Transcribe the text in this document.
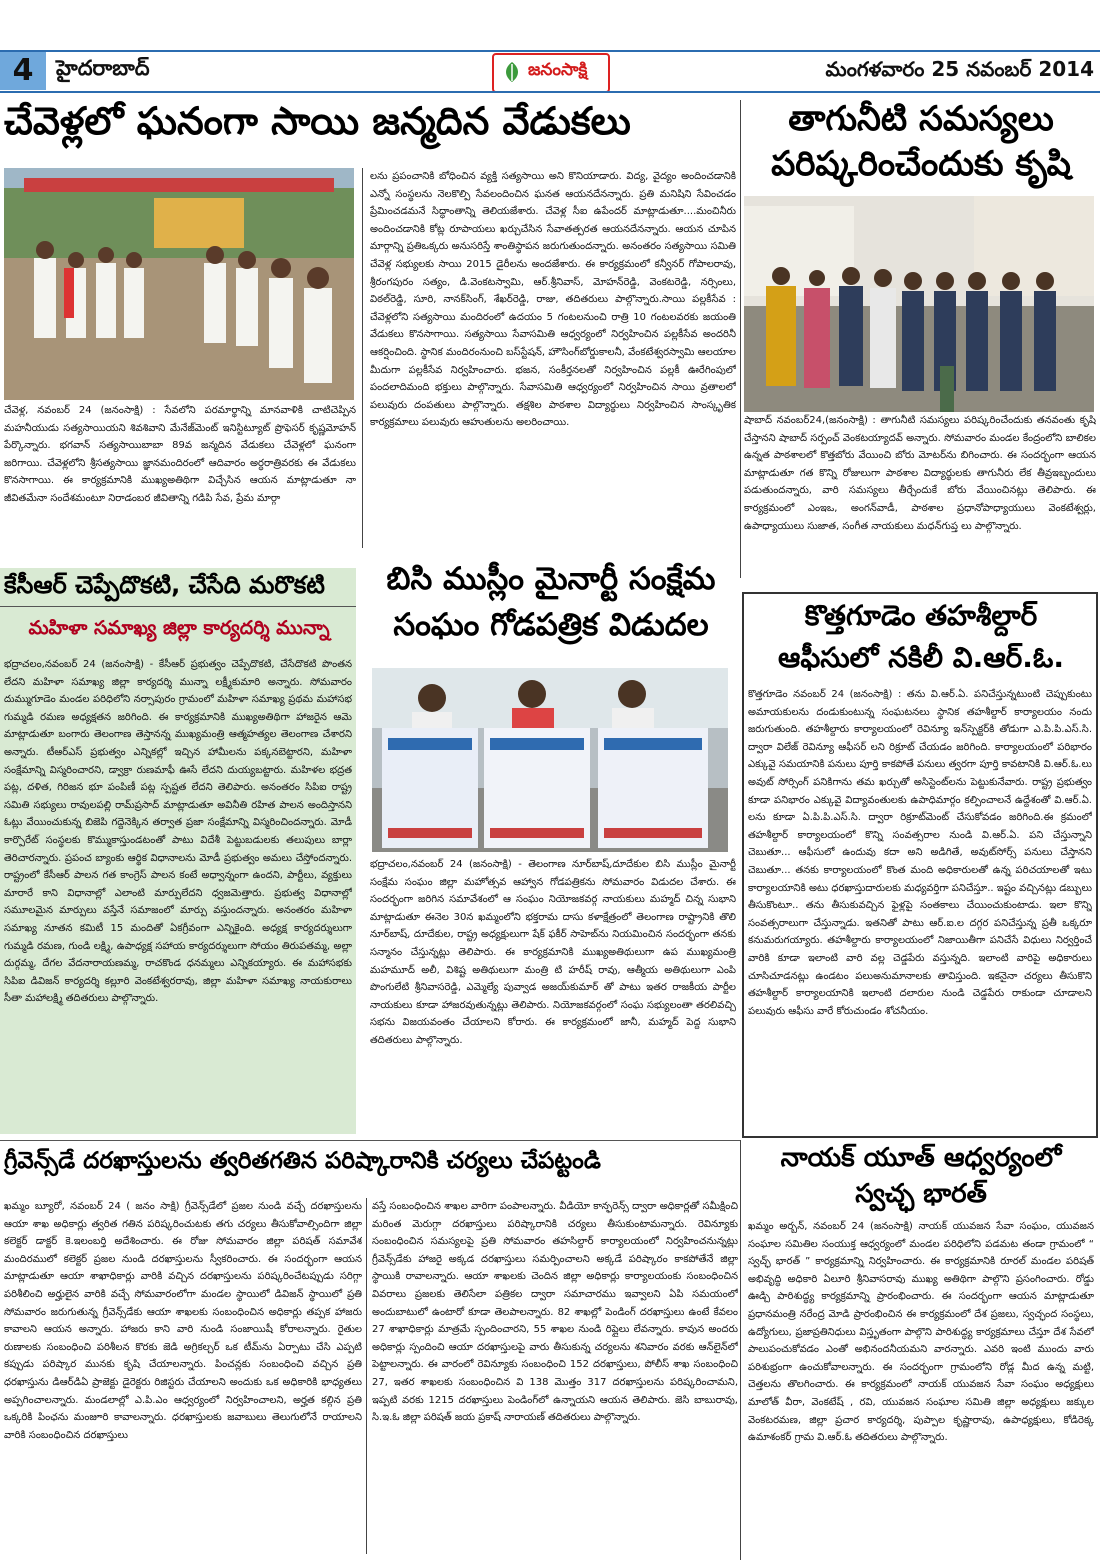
4	హైదరాబాద్	జనంసాక్షి	మంగళవారం 25 నవంబర్ 2014
చేవెళ్లలో ఘనంగా సాయి జన్మదిన వేడుకలు
చేవెళ్ల, నవంబర్ 24 (జనంసాక్షి) : సేవలోని పరమార్థాన్ని మానవాళికి చాటిచెప్పిన మహనీయుడు సత్యసాయియని శివశివాని మేనేజ్‌మెంట్ ఇనిస్టిట్యూట్ ప్రొఫెసర్ కృష్ణమోహన్ పేర్కొన్నారు. భగవాన్ సత్యసాయిబాబా 89వ జన్మదిన వేడుకలు చేవెళ్లలో ఘనంగా జరిగాయి. చేవెళ్లలోని శ్రీసత్యసాయి జ్ఞానమందిరంలో ఆదివారం అర్ధరాత్రివరకు ఈ వేడుకలు కొనసాగాయి. ఈ కార్యక్రమానికి ముఖ్యఅతిథిగా విచ్చేసిన ఆయన మాట్లాడుతూ నా జీవితమేనా సందేశమంటూ నిరాడంబర జీవితాన్ని గడిపి సేవ, ప్రేమ మార్గా
లను ప్రపంచానికి బోధించిన వ్యక్తి సత్యసాయి అని కొనియాడారు. విద్య, వైద్యం అందించడానికి ఎన్నో సంస్థలను నెలకొల్పి సేవలందించిన ఘనత ఆయనదేనన్నారు. ప్రతి మనిషిని సేవించడం ప్రేమించడమనే సిద్ధాంతాన్ని తెలియజేశారు. చేవెళ్ల సీఐ ఉపేందర్ మాట్లాడుతూ....మంచినీరు అందించడానికి కోట్ల రూపాయలు ఖర్చుచేసిన సేవాతత్పరత ఆయనదేనన్నారు. ఆయన చూపిన మార్గాన్ని ప్రతిఒక్కరు అనుసరిస్తే శాంతిస్థాపన జరుగుతుందన్నారు. అనంతరం సత్యసాయి సమితి చేవెళ్ల సభ్యులకు సాయి 2015 డైరీలను అందజేశారు. ఈ కార్యక్రమంలో కన్వీనర్ గోపాలరావు, శ్రీరంగపురం సత్యం, డి.వెంకటస్వామి, ఆర్.శ్రీనివాస్, మోహన్‌రెడ్డి, వెంకటరెడ్డి, నర్సింలు, విఠల్‌రెడ్డి, సూరి, నానక్‌సింగ్, శేఖర్‌రెడ్డి, రాజు, తదితరులు పాల్గొన్నారు.సాయి పల్లకీసేవ : చేవెళ్లలోని సత్యసాయి మందిరంలో ఉదయం 5 గంటలనుంచి రాత్రి 10 గంటలవరకు జయంతి వేడుకలు కొనసాగాయి. సత్యసాయి సేవాసమితి ఆధ్వర్యంలో నిర్వహించిన పల్లకీసేవ అందరినీ ఆకర్షించింది. స్థానిక మందిరంనుంచి బస్‌స్టేషన్, హౌసింగ్‌బోర్డుకాలనీ, వేంకటేశ్వరస్వామి ఆలయాల మీదుగా పల్లకీసేవ నిర్వహించారు. భజన, సంకీర్తనలతో నిర్వహించిన పల్లకీ ఊరేగింపులో పందలాదిమంది భక్తులు పాల్గొన్నారు. సేవాసమితి ఆధ్వర్యంలో నిర్వహించిన సాయి వ్రతాలలో పలువురు దంపతులు పాల్గొన్నారు. తక్షశిల పాఠశాల విద్యార్థులు నిర్వహించిన సాంస్కృతిక కార్యక్రమాలు పలువురు ఆహుతులను అలరించాయి.
తాగునీటి సమస్యలు
పరిష్కరించేందుకు కృషి
షాబాద్ నవంబర్24,(జనంసాక్షి) : తాగునీటి సమస్యలు పరిష్కరించేందుకు తనవంతు కృషి చేస్తానని షాబాద్ సర్పంచ్ వెంకటయ్యాదవ్ అన్నారు. సోమవారం మండల కేంద్రంలోని బాలికల ఉన్నత పాఠశాలలో కొత్తబోరు వేయించి బోరు మోటర్‌ను బిగించారు. ఈ సందర్భంగా ఆయన మాట్లాడుతూ గత కొన్ని రోజులుగా పాఠశాల విద్యార్థులకు తాగునీరు లేక తీవ్రఇబ్బందులు పడుతుందన్నారు, వారి సమస్యలు తీర్చేందుకే బోరు వేయించినట్లు తెలిపారు. ఈ కార్యక్రమంలో ఎంఇఒ, అంగన్‌వాడీ, పాఠశాల ప్రధానోపాధ్యాయులు వెంకటేశ్వర్లు, ఉపాధ్యాయులు సుజాత, సంగీత నాయకులు మధన్‌గుప్త లు పాల్గొన్నారు.
కేసీఆర్ చెప్పేదొకటి, చేసేది మరొకటి
మహిళా సమాఖ్య జిల్లా కార్యదర్శి మున్నా
భద్రాచలం,నవంబర్ 24 (జనంసాక్షి) - కేసీఆర్ ప్రభుత్వం చెప్పేదొకటి, చేసేదొకటి పొంతన లేదని మహిళా సమాఖ్య జిల్లా కార్యదర్శి మున్నా లక్ష్మీకుమారి అన్నారు. సోమవారం దుమ్ముగూడెం మండల పరిధిలోని నర్సాపురం గ్రామంలో మహిళా సమాఖ్య ప్రథమ మహాసభ గుమ్మడి రమణ అధ్యక్షతన జరిగింది. ఈ కార్యక్రమానికి ముఖ్యఅతిథిగా హాజరైన ఆమె మాట్లాడుతూ బంగారు తెలంగాణ తెస్తానన్న ముఖ్యమంత్రి ఆత్మహత్యల తెలంగాణ చేశారని అన్నారు. టీఆర్ఎస్ ప్రభుత్వం ఎన్నికల్లో ఇచ్చిన హామీలను పక్కనబెట్టారని, మహిళా సంక్షేమాన్ని విస్మరించారని, డ్వాక్రా రుణమాఫీ ఊసే లేదని దుయ్యబట్టారు. మహిళల భద్రత పట్ల, దళిత, గిరిజన భూ పంపిణీ పట్ల స్పష్టత లేదని తెలిపారు. అనంతరం సిపిఐ రాష్ట్ర సమితి సభ్యులు రావులపల్లి రామ్‌ప్రసాద్ మాట్లాడుతూ అవినీతి రహిత పాలన అందిస్తానని ఓట్లు వేయించుకున్న బిజెపి గద్దెనెక్కిన తర్వాత ప్రజా సంక్షేమాన్ని విస్మరించిందన్నారు. మోడీ కార్పొరేట్ సంస్థలకు కొమ్ముకాస్తుండటంతో పాటు విదేశీ పెట్టుబడులకు తలుపులు బార్లా తెరిచారన్నారు. ప్రపంచ బ్యాంకు ఆర్థిక విధానాలను మోడీ ప్రభుత్వం అమలు చేస్తోందన్నారు. రాష్ట్రంలో కేసీఆర్ పాలన గత కాంగ్రెస్ పాలన కంటే అధ్వాన్నంగా ఉందని, పార్టీలు, వ్యక్తులు మారారే కాని విధానాల్లో ఎలాంటి మార్పులేదని ధ్వజమెత్తారు. ప్రభుత్వ విధానాల్లో సమూలమైన మార్పులు వస్తేనే సమాజంలో మార్పు వస్తుందన్నారు. అనంతరం మహిళా సమాఖ్య నూతన కమిటీ 15 మందితో ఏకగ్రీవంగా ఎన్నికైంది. అధ్యక్ష కార్యదర్శులుగా గుమ్మడి రమణ, గుండి లక్ష్మి, ఉపాధ్యక్ష సహాయ కార్యదర్శులుగా సోయం తిరుపతమ్మ, అల్లా దుర్గమ్మ, దేగల వేదనారాయణమ్మ, రాచకొండ ధనమ్మలు ఎన్నికయ్యారు. ఈ మహాసభకు సిపిఐ డివిజన్ కార్యదర్శి కల్లూరి వెంకటేశ్వరరావు, జిల్లా మహిళా సమాఖ్య నాయకురాలు సీతా మహాలక్ష్మి తదితరులు పాల్గొన్నారు.
బిసి ముస్లీం మైనార్టీ సంక్షేమ
సంఘం గోడపత్రిక విడుదల
భద్రాచలం,నవంబర్ 24 (జనంసాక్షి) - తెలంగాణ నూర్‌బాష్,దూదేకుల బిసి ముస్లీం మైనార్టీ సంక్షేమ సంఘం జిల్లా మహోత్సవ ఆహ్వాన గోడపత్రికను సోమవారం విడుదల చేశారు. ఈ సందర్భంగా జరిగిన సమావేశంలో ఆ సంఘం నియోజకవర్గ నాయకులు మహ్మద్ చిన్న సుభాని మాట్లాడుతూ ఈనెల 30న ఖమ్మంలోని భక్తరామ దాసు కళాక్షేత్రంలో తెలంగాణ రాష్ట్రానికి తొలి నూర్‌బాష్, దూదేకుల, రాష్ట్ర అధ్యక్షులుగా షేక్ ఫకీర్ సాహెబ్‌ను నియమించిన సందర్భంగా తనకు సన్మానం చేస్తున్నట్లు తెలిపారు. ఈ కార్యక్రమానికి ముఖ్యఅతిథులుగా ఉప ముఖ్యమంత్రి మహమూద్ అలీ, విశిష్ట అతిథులుగా మంత్రి టి హరీష్ రావు, ఆత్మీయ అతిథులుగా ఎంపి పొంగులేటి శ్రీనివాసరెడ్డి, ఎమ్మెల్యే పువ్వాడ అజయ్‌కుమార్ తో పాటు ఇతర రాజకీయ పార్టీల నాయకులు కూడా హాజరవుతున్నట్లు తెలిపారు. నియోజకవర్గంలో సంఘ సభ్యులంతా తరలివచ్చి సభను విజయవంతం చేయాలని కోరారు. ఈ కార్యక్రమంలో జానీ, మహ్మద్ పెద్ద సుభాని తదితరులు పాల్గొన్నారు.
కొత్తగూడెం తహశీల్దార్
ఆఫీసులో నకిలీ వి.ఆర్.ఓ.
కొత్తగూడెం నవంబర్ 24 (జనంసాక్షి) : తను వి.ఆర్.ఏ. పనిచేస్తున్నటుంటి చెప్పుకుంటు అమాయకులను దండుకుంటున్న సంఘటనలు స్థానిక తహశీల్దార్ కార్యాలయం నందు జరుగుతుంది. తహశీల్దారు కార్యాలయంలో రెవిన్యూ ఇన్‌స్పెక్టర్‌కి తోడుగా ఎ.పి.పి.ఎస్.సి. ద్వారా విలేజ్ రెవిన్యూ ఆఫీసర్ లని రిక్రూట్ చేయడం జరిగింది. కార్యాలయంలో పరిభారం ఎక్కువై సమయానికి పనులు పూర్తి కాకపోతే పనులు త్వరగా పూర్తి కావటానికి వి.ఆర్.ఓ.లు అవుట్ సోర్సింగ్ పనికిగాను తమ ఖర్చుతో అసిస్టెంట్‌లను పెట్టుకునేవారు. రాష్ట్ర ప్రభుత్వం కూడా పనిభారం ఎక్కువై విద్యావంతులకు ఉపాధిమార్గం కల్పించాలనే ఉద్దేశంతో వి.ఆర్.ఏ. లను కూడా ఏ.పి.పి.ఎస్.సి. ద్వారా రిక్రూట్‌మెంట్ చేసుకోవడం జరిగింది.ఈ క్రమంలో తహశీల్దార్ కార్యాలయంలో కొన్ని సంవత్సరాల నుండి వి.ఆర్.ఏ. పని చేస్తున్నాని చెబుతూ... ఆఫీసులో ఉందువు కదా అని అడిగితే, అవుట్‌సోర్స్ పనులు చేస్తానని చెబుతూ... తనకు కార్యాలయంలో కొంత మంది అధికారులతో ఉన్న పరిచయాలతో ఇటు కార్యాలయానికి అటు ధరఖాస్తుదారులకు మధ్యవర్తిగా పనిచేస్తూ.. ఇష్టం వచ్చినట్లు డబ్బులు తీసుకొంటూ.. తను తీసుకువచ్చిన ఫైళ్లపై సంతకాలు చేయించుకుంటాడు. ఇలా కొన్ని సంవత్సరాలుగా చేస్తున్నాడు. ఇతనితో పాటు ఆర్.ఐ.ల దగ్గర పనిచేస్తున్న ప్రతీ ఒక్కరూ కనుమరుగయ్యారు. తహశీల్దారు కార్యాలయంలో నిజాయితీగా పనిచేసే విధులు నిర్వర్తించే వారికి కూడా ఇలాంటి వారి వల్ల చెడ్డపేరు వస్తున్నది. ఇలాంటి వారిపై అధికారులు చూసిచూడనట్లు ఉండటం పలుఅనుమానాలకు తావిస్తుంది. ఇకనైనా చర్యలు తీసుకొని తహశీల్దార్ కార్యాలయానికి ఇలాంటి దలారుల నుండి చెడ్డపేరు రాకుండా చూడాలని పలువురు ఆఫీసు వారే కోరుచుండం శోచనీయం.
గ్రీవెన్స్‌డే దరఖాస్తులను త్వరితగతిన పరిష్కారానికి చర్యలు చేపట్టండి
ఖమ్మం బ్యూరో, నవంబర్ 24 ( జనం సాక్షి) గ్రీవెన్స్‌డేలో ప్రజల నుండి వచ్చే దరఖాస్తులను ఆయా శాఖ అధికార్లు త్వరిత గతిన పరిష్కరించుటకు తగు చర్యలు తీసుకోవాల్సిందిగా జిల్లా కలెక్టర్ డాక్టర్ కె.ఇలంబర్తి అదేశించారు. ఈ రోజు సోమవారం జిల్లా పరిషత్ సమావేశ మందిరములో కలెక్టర్ ప్రజల నుండి దరఖాస్తులను స్వీకరించారు. ఈ సందర్భంగా ఆయన మాట్లాడుతూ ఆయా శాఖాధికార్లు వారికి వచ్చిన దరఖాస్తులను పరిష్కరించేటప్పుడు సరిగ్గా పరిశీలించి అర్హులైన వారికి వచ్చే సోమవారంలోగా మండల స్థాయిలో డివిజన్ స్థాయిలో ప్రతి సోమవారం జరుగుతున్న గ్రీవెన్స్‌డేకు ఆయా శాఖలకు సంబంధించిన అధికార్లు తప్పక హాజరు కావాలని ఆయన అన్నారు. హాజరు కాని వారి నుండి సంజాయిషీ కోరాలన్నారు. రైతుల రుణాలకు సంబంధించి పరిశీలన కొరకు జెడి అగ్రికల్చర్ ఒక టీమ్‌ను ఏర్పాటు చేసి ఎప్పటి కప్పుడు పరిష్కార మునకు కృషి చేయాలన్నారు. పించన్లకు సంబంధించి వచ్చిన ప్రతి ధరఖాస్తును డిఆర్‌డిఏ ప్రాజెక్టు డైరెక్టరు రిజిస్టరు చేయాలని అందుకు ఒక అధికారికి భాధ్యతలు అప్పగించాలన్నారు. మండలాల్లో ఎ.పి.ఎం ఆధ్వర్యంలో నిర్వహించాలని, అర్హత కల్గిన ప్రతి ఒక్కరికి పింఛను మంజూరి కావాలన్నారు. ధరఖాస్తులకు జవాబులు తెలుగులోనే రాయాలని వారికి సంబంధించిన దరఖాస్తులు
వస్తే సంబంధించిన శాఖల వారిగా పంపాలన్నారు. వీడియో కాన్ఫరెన్స్ ద్వారా అధికార్లతో సమీక్షించి మరింత మెరుగ్గా దరఖాస్తులు పరిష్కారానికి చర్యలు తీసుకుంటామన్నారు. రెవిన్యూకు సంబంధించిన సమస్యలపై ప్రతి సోమవారం తహసిల్దార్ కార్యాలయంలో నిర్వహించనున్నట్లు గ్రీవెన్స్‌డేకు హాజరై అక్కడ దరఖాస్తులు సమర్పించాలని అక్కడే పరిష్కారం కాకపోతేనే జిల్లా స్థాయికి రావాలన్నారు. ఆయా శాఖలకు చెందిన జిల్లా అధికార్లు కార్యాలయంకు సంబంధించిన వివరాలు ప్రజలకు తెలిసేలా పత్రికల ద్వారా సమాచారము ఇవ్వాలని ఏపి సమయంలో అందుబాటులో ఉంటారో కూడా తెలపాలన్నారు. 82 శాఖల్లో పెండింగ్ దరఖాస్తులు ఉంటే కేవలం 27 శాఖాధికార్లు మాత్రమే స్పందించారని, 55 శాఖల నుండి రిప్లైలు లేవన్నారు. కావున అందరు అధికార్లు స్పందించి ఆయా దరఖాస్తులపై వారు తీసుకున్న చర్యలను శనివారం వరకు ఆన్‌లైన్‌లో పెట్టాలన్నారు. ఈ వారంలో రెవిన్యూకు సంబంధించి 152 దరఖాస్తులు, పోలీస్ శాఖ సంబంధించి 27, ఇతర శాఖలకు సంబంధించిన వి 138 మొత్తం 317 దరఖాస్తులను పరిష్కరించామని, ఇప్పటి వరకు 1215 దరఖాస్తులు పెండింగ్‌లో ఉన్నాయని ఆయన తెలిపారు. జెసి బాబురావు, సి.ఇ.ఓ జిల్లా పరిషత్ జయ ప్రకాష్ నారాయణ్ తదితరులు పాల్గొన్నారు.
నాయక్ యూత్ ఆధ్వర్యంలో
స్వచ్ఛ భారత్
ఖమ్మం అర్బన్, నవంబర్ 24 (జనంసాక్షి) నాయక్ యువజన సేవా సంఘం, యువజన సంఘాల సమితిల సంయుక్త ఆధ్వర్యంలో మండల పరిధిలోని పడమట తండా గ్రామంలో “ స్వచ్ఛ్ భారత్ ” కార్యక్రమాన్ని నిర్వహించారు. ఈ కార్యక్రమానికి రూరల్ మండల పరిషత్ అభివృద్ధి అధికారి ఏలూరి శ్రీనివాసరావు ముఖ్య అతిథిగా పాల్గొని ప్రసంగించారు. రోడ్డు ఊడ్చి పారిశుద్ధ్య కార్యక్రమాన్ని ప్రారంభించారు. ఈ సందర్భంగా ఆయన మాట్లాడుతూ ప్రధానమంత్రి నరేంద్ర మోడి ప్రారంభించిన ఈ కార్యక్రమంలో దేశ ప్రజలు, స్వచ్ఛంద సంస్థలు, ఉద్యోగులు, ప్రజాప్రతినిధులు విస్తృతంగా పాల్గొని పారిశుద్ధ్య కార్యక్రమాలు చేస్తూ దేశ సేవలో పాలుపంచుకోవడం ఎంతో అభినందనీయమని వారన్నారు. ఎవరి ఇంటి ముందు వారు పరిశుభ్రంగా ఉంచుకోవాలన్నారు. ఈ సందర్భంగా గ్రామంలోని రోడ్ల మీద ఉన్న మట్టి, చెత్తలను తొలగించారు. ఈ కార్యక్రమంలో నాయక్ యువజన సేవా సంఘం అధ్యక్షులు మాలోత్ వీరా, వెంకటేష్ , రవి, యువజన సంఘాల సమితి జిల్లా అధ్యక్షులు జక్కుల వెంకటరమణ, జిల్లా ప్రచార కార్యదర్శి, పుప్పాల కృష్ణారావు, ఉపాధ్యక్షులు, కోడిరెక్క ఉమాశంకర్ గ్రామ వి.ఆర్.ఓ తదితరులు పాల్గొన్నారు.
